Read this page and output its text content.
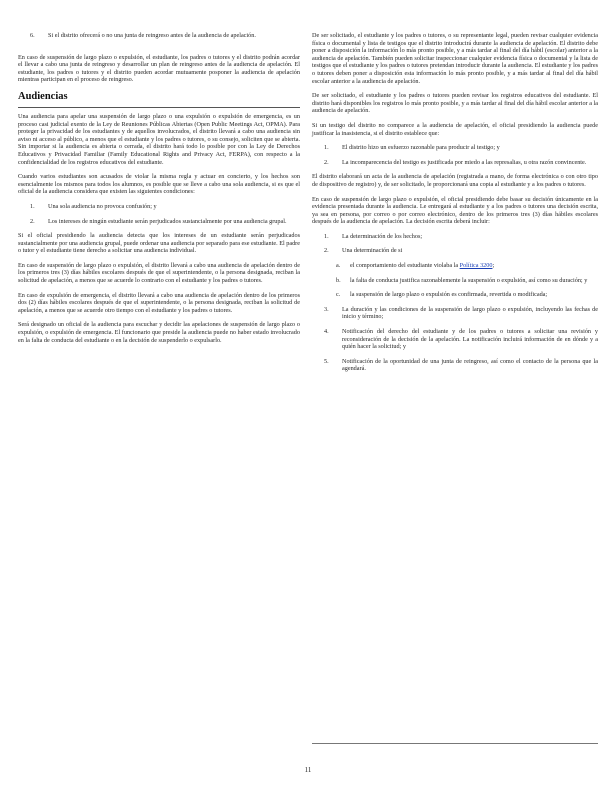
6. Si el distrito ofrecerá o no una junta de reingreso antes de la audiencia de apelación.

En caso de suspensión de largo plazo o expulsión, el estudiante, los padres o tutores y el distrito podrán acordar el llevar a cabo una junta de reingreso y desarrollar un plan de reingreso antes de la audiencia de apelación. El estudiante, los padres o tutores y el distrito pueden acordar mutuamente posponer la audiencia de apelación mientras participan en el proceso de reingreso.

Audiencias

Una audiencia para apelar una suspensión de largo plazo o una expulsión o expulsión de emergencia, es un proceso casi judicial exento de la Ley de Reuniones Públicas Abiertas (Open Public Meetings Act, OPMA). Para proteger la privacidad de los estudiantes y de aquellos involucrados, el distrito llevará a cabo una audiencia sin aviso ni acceso al público, a menos que el estudiante y los padres o tutores, o su consejo, soliciten que se abierta. Sin importar si la audiencia es abierta o cerrada, el distrito hará todo lo posible por con la Ley de Derechos Educativos y Privacidad Familiar (Family Educational Rights and Privacy Act, FERPA), con respecto a la confidencialidad de los registros educativos del estudiante.

Cuando varios estudiantes son acusados de violar la misma regla y actuar en concierto, y los hechos son esencialmente los mismos para todos los alumnos, es posible que se lleve a cabo una sola audiencia, si es que el oficial de la audiencia considera que existen las siguientes condiciones:

1. Una sola audiencia no provoca confusión; y
2. Los intereses de ningún estudiante serán perjudicados sustancialmente por una audiencia grupal.

Si el oficial presidiendo la audiencia detecta que los intereses de un estudiante serán perjudicados sustancialmente por una audiencia grupal, puede ordenar una audiencia por separado para ese estudiante. El padre o tutor y el estudiante tiene derecho a solicitar una audiencia individual.

En caso de suspensión de largo plazo o expulsión, el distrito llevará a cabo una audiencia de apelación dentro de los primeros tres (3) días hábiles escolares después de que el superintendente, o la persona designada, reciban la solicitud de apelación, a menos que se acuerde lo contrario con el estudiante y los padres o tutores.

En caso de expulsión de emergencia, el distrito llevará a cabo una audiencia de apelación dentro de los primeros dos (2) días hábiles escolares después de que el superintendente, o la persona designada, reciban la solicitud de apelación, a menos que se acuerde otro tiempo con el estudiante y los padres o tutores.

Será designado un oficial de la audiencia para escuchar y decidir las apelaciones de suspensión de largo plazo o expulsión, o expulsión de emergencia. El funcionario que preside la audiencia puede no haber estado involucrado en la falta de conducta del estudiante o en la decisión de suspenderlo o expulsarlo.

De ser solicitado, el estudiante y los padres o tutores, o su representante legal, pueden revisar cualquier evidencia física o documental y lista de testigos que el distrito introducirá durante la audiencia de apelación. El distrito debe poner a disposición la información lo más pronto posible, y a más tardar al final del día hábil (escolar) anterior a la audiencia de apelación. También pueden solicitar inspeccionar cualquier evidencia física o documental y la lista de testigos que el estudiante y los padres o tutores pretendan introducir durante la audiencia. El estudiante y los padres o tutores deben poner a disposición esta información lo más pronto posible, y a más tardar al final del día hábil escolar anterior a la audiencia de apelación.

De ser solicitado, el estudiante y los padres o tutores pueden revisar los registros educativos del estudiante. El distrito hará disponibles los registros lo más pronto posible, y a más tardar al final del día hábil escolar anterior a la audiencia de apelación.

Si un testigo del distrito no comparece a la audiencia de apelación, el oficial presidiendo la audiencia puede justificar la inasistencia, si el distrito establece que:

1. El distrito hizo un esfuerzo razonable para producir al testigo; y
2. La incomparecencia del testigo es justificada por miedo a las represalias, u otra razón convincente.

El distrito elaborará un acta de la audiencia de apelación (registrada a mano, de forma electrónica o con otro tipo de dispositivo de registro) y, de ser solicitado, le proporcionará una copia al estudiante y a los padres o tutores.

En caso de suspensión de largo plazo o expulsión, el oficial presidiendo debe basar su decisión únicamente en la evidencia presentada durante la audiencia. Le entregará al estudiante y a los padres o tutores una decisión escrita, ya sea en persona, por correo o por correo electrónico, dentro de los primeros tres (3) días hábiles escolares después de la audiencia de apelación. La decisión escrita deberá incluir:

1. La determinación de los hechos;
2. Una determinación de si
a. el comportamiento del estudiante violaba la Política 3200;
b. la falta de conducta justifica razonablemente la suspensión o expulsión, así como su duración; y
c. la suspensión de largo plazo o expulsión es confirmada, revertida o modificada;
3. La duración y las condiciones de la suspensión de largo plazo o expulsión, incluyendo las fechas de inicio y término;
4. Notificación del derecho del estudiante y de los padres o tutores a solicitar una revisión y reconsideración de la decisión de la apelación. La notificación incluirá información de en dónde y a quién hacer la solicitud; y
5. Notificación de la oportunidad de una junta de reingreso, así como el contacto de la persona que la agendará.
11
